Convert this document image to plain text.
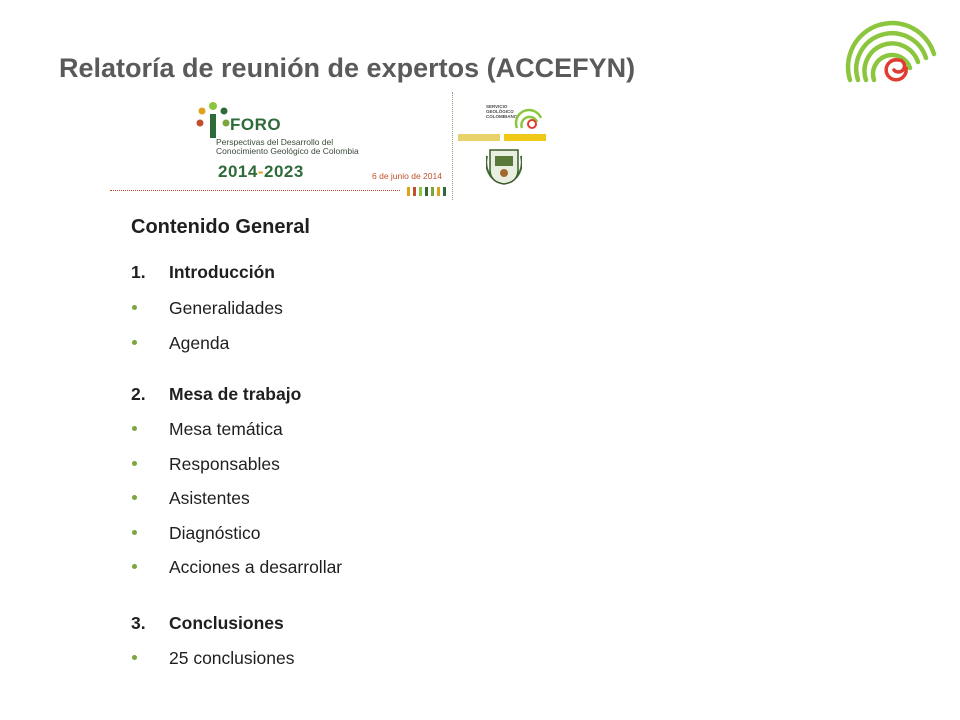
Relatoría de reunión de expertos (ACCEFYN)
FORO
Perspectivas del Desarrollo del
Conocimiento Geológico de Colombia
2014-2023	6 de junio de 2014
SERVICIO
GEOLÓGICO
COLOMBIANO
Contenido General
1. Introducción
Generalidades
Agenda
2. Mesa de trabajo
Mesa temática
Responsables
Asistentes
Diagnóstico
Acciones a desarrollar
3. Conclusiones
25 conclusiones
